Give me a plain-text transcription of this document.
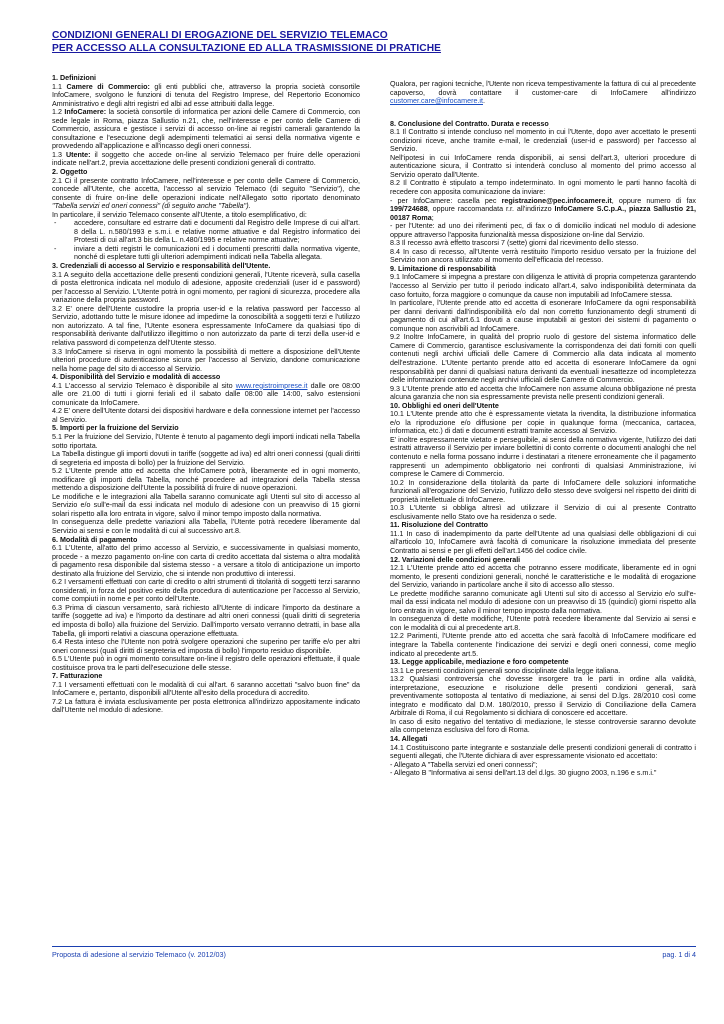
CONDIZIONI GENERALI DI EROGAZIONE DEL SERVIZIO TELEMACO
PER ACCESSO ALLA CONSULTAZIONE ED ALLA TRASMISSIONE DI PRATICHE

1. Definizioni

1.1 Camere di Commercio: gli enti pubblici che, attraverso la propria società consortile InfoCamere, svolgono le funzioni di tenuta del Registro Imprese, del Repertorio Economico Amministrativo e degli altri registri ed albi ad esse attribuiti dalla legge.

1.2 InfoCamere: la società consortile di informatica per azioni delle Camere di Commercio, con sede legale in Roma, piazza Sallustio n.21, che, nell'interesse e per conto delle Camere di Commercio, assicura e gestisce i servizi di accesso on-line ai registri camerali garantendo la consultazione e l'esecuzione degli adempimenti telematici ai sensi della normativa vigente e provvedendo all'applicazione e all'incasso degli oneri connessi.

1.3 Utente: il soggetto che accede on-line al servizio Telemaco per fruire delle operazioni indicate nell'art.2, previa accettazione delle presenti condizioni generali di contratto.

2. Oggetto

2.1 Ci il presente contratto InfoCamere, nell'interesse e per conto delle Camere di Commercio, concede all'Utente, che accetta, l'accesso al servizio Telemaco (di seguito "Servizio"), che consente di fruire on-line delle operazioni indicate nell'Allegato sotto riportato denominato "Tabella servizi ed oneri connessi" (di seguito anche "Tabella").

In particolare, il servizio Telemaco consente all'Utente, a titolo esemplificativo, di:

- accedere, consultare ed estrarre dati e documenti dal Registro delle Imprese di cui all'art. 8 della L. n.580/1993 e s.m.i. e relative norme attuative e dal Registro informatico dei Protesti di cui all'art.3 bis della L. n.480/1995 e relative norme attuative;
- inviare a detti registri le comunicazioni ed i documenti prescritti dalla normativa vigente, nonché di espletare tutti gli ulteriori adempimenti indicati nella Tabella allegata.

3. Credenziali di accesso al Servizio e responsabilità dell'Utente.

3.1 A seguito della accettazione delle presenti condizioni generali, l'Utente riceverà, sulla casella di posta elettronica indicata nel modulo di adesione, apposite credenziali (user id e password) per l'accesso al Servizio. L'Utente potrà in ogni momento, per ragioni di sicurezza, procedere alla variazione della propria password.

3.2 E' onere dell'Utente custodire la propria user-id e la relativa password per l'accesso al Servizio, adottando tutte le misure idonee ad impedirne la conoscibilità a soggetti terzi e l'utilizzo non autorizzato. A tal fine, l'Utente esonera espressamente InfoCamere da qualsiasi tipo di responsabilità derivante dall'utilizzo illegittimo o non autorizzato da parte di terzi della user-id e relativa password di competenza dell'Utente stesso.

3.3 InfoCamere si riserva in ogni momento la possibilità di mettere a disposizione dell'Utente ulteriori procedure di autenticazione sicura per l'accesso al Servizio, dandone comunicazione nella home page del sito di accesso al Servizio.

4. Disponibilità del Servizio e modalità di accesso

4.1 L'accesso al servizio Telemaco è disponibile al sito www.registroimprese.it dalle ore 08:00 alle ore 21.00 di tutti i giorni feriali ed il sabato dalle 08:00 alle 14:00, salvo estensioni comunicate da InfoCamere.

4.2 E' onere dell'Utente dotarsi dei dispositivi hardware e della connessione internet per l'accesso al Servizio.

5. Importi per la fruizione del Servizio

5.1 Per la fruizione del Servizio, l'Utente è tenuto al pagamento degli importi indicati nella Tabella sotto riportata.

La Tabella distingue gli importi dovuti in tariffe (soggette ad iva) ed altri oneri connessi (quali diritti di segreteria ed imposta di bollo) per la fruizione del Servizio.

5.2 L'Utente prende atto ed accetta che InfoCamere potrà, liberamente ed in ogni momento, modificare gli importi della Tabella, nonché procedere ad integrazioni della Tabella stessa mettendo a disposizione dell'Utente la possibilità di fruire di nuove operazioni.

Le modifiche e le integrazioni alla Tabella saranno comunicate agli Utenti sul sito di accesso al Servizio e/o sull'e-mail da essi indicata nel modulo di adesione con un preavviso di 15 giorni solari rispetto alla loro entrata in vigore, salvo il minor tempo imposto dalla normativa.

In conseguenza delle predette variazioni alla Tabella, l'Utente potrà recedere liberamente dal Servizio ai sensi e con le modalità di cui al successivo art.8.

6. Modalità di pagamento

6.1 L'Utente, all'atto del primo accesso al Servizio, e successivamente in qualsiasi momento, procede - a mezzo pagamento on-line con carta di credito accettata dal sistema o altra modalità di pagamento resa disponibile dal sistema stesso - a versare a titolo di anticipazione un importo destinato alla fruizione del Servizio, che si intende non produttivo di interessi.

6.2 I versamenti effettuati con carte di credito o altri strumenti di titolarità di soggetti terzi saranno considerati, in forza del positivo esito della procedura di autenticazione per l'accesso al Servizio, come compiuti in nome e per conto dell'Utente.

6.3 Prima di ciascun versamento, sarà richiesto all'Utente di indicare l'importo da destinare a tariffe (soggette ad iva) e l'importo da destinare ad altri oneri connessi (quali diritti di segreteria ed imposta di bollo) alla fruizione del Servizio. Dall'importo versato verranno detratti, in base alla Tabella, gli importi relativi a ciascuna operazione effettuata.

6.4 Resta inteso che l'Utente non potrà svolgere operazioni che superino per tariffe e/o per altri oneri connessi (quali diritti di segreteria ed imposta di bollo) l'importo residuo disponibile.

6.5 L'Utente può in ogni momento consultare on-line il registro delle operazioni effettuate, il quale costituisce prova tra le parti dell'esecuzione delle stesse.

7. Fatturazione

7.1 I versamenti effettuati con le modalità di cui all'art. 6 saranno accettati "salvo buon fine" da InfoCamere e, pertanto, disponibili all'Utente all'esito della procedura di accredito.

7.2 La fattura è inviata esclusivamente per posta elettronica all'indirizzo appositamente indicato dall'Utente nel modulo di adesione.

Qualora, per ragioni tecniche, l'Utente non riceva tempestivamente la fattura di cui al precedente capoverso, dovrà contattare il customer-care di InfoCamere all'indirizzo customer.care@infocamere.it.

8. Conclusione del Contratto. Durata e recesso

8.1 Il Contratto si intende concluso nel momento in cui l'Utente, dopo aver accettato le presenti condizioni riceve, anche tramite e-mail, le credenziali (user-id e password) per l'accesso al Servizio.

Nell'ipotesi in cui InfoCamere renda disponibili, ai sensi dell'art.3, ulteriori procedure di autenticazione sicura, il Contratto si intenderà concluso al momento del primo accesso al Servizio operato dall'Utente.

8.2 Il Contratto è stipulato a tempo indeterminato. In ogni momento le parti hanno facoltà di recedere con apposita comunicazione da inviare:

- per InfoCamere: casella pec registrazione@pec.infocamere.it, oppure numero di fax 199/724688, oppure raccomandata r.r. all'indirizzo InfoCamere S.C.p.A., piazza Sallustio 21, 00187 Roma;

- per l'Utente: ad uno dei riferimenti pec, di fax o di domicilio indicati nel modulo di adesione oppure attraverso l'apposita funzionalità messa disposizione on-line dal Servizio.

8.3 Il recesso avrà effetto trascorsi 7 (sette) giorni dal ricevimento dello stesso.

8.4 In caso di recesso, all'Utente verrà restituito l'importo residuo versato per la fruizione del Servizio non ancora utilizzato al momento dell'efficacia del recesso.

9. Limitazione di responsabilità

9.1 InfoCamere si impegna a prestare con diligenza le attività di propria competenza garantendo l'accesso al Servizio per tutto il periodo indicato all'art.4, salvo indisponibilità determinata da caso fortuito, forza maggiore o comunque da cause non imputabili ad InfoCamere stessa.

In particolare, l'Utente prende atto ed accetta di esonerare InfoCamere da ogni responsabilità per danni derivanti dall'indisponibilità e/o dal non corretto funzionamento degli strumenti di pagamento di cui all'art.6.1 dovuti a cause imputabili ai gestori dei sistemi di pagamento o comunque non ascrivibili ad InfoCamere.

9.2 Inoltre InfoCamere, in qualità del proprio ruolo di gestore del sistema informatico delle Camere di Commercio, garantisce esclusivamente la corrispondenza dei dati forniti con quelli contenuti negli archivi ufficiali delle Camere di Commercio alla data indicata al momento dell'estrazione. L'Utente pertanto prende atto ed accetta di esonerare InfoCamere da ogni responsabilità per danni di qualsiasi natura derivanti da eventuali inesattezze od incompletezza delle informazioni contenute negli archivi ufficiali delle Camere di Commercio.

9.3 L'Utente prende atto ed accetta che InfoCamere non assume alcuna obbligazione né presta alcuna garanzia che non sia espressamente prevista nelle presenti condizioni generali.

10. Obblighi ed oneri dell'Utente

10.1 L'Utente prende atto che è espressamente vietata la rivendita, la distribuzione informatica e/o la riproduzione e/o diffusione per copie in qualunque forma (meccanica, cartacea, informatica, etc.) di dati e documenti estratti tramite accesso al Servizio.

E' inoltre espressamente vietato e perseguibile, ai sensi della normativa vigente, l'utilizzo dei dati estratti attraverso il Servizio per inviare bollettini di conto corrente o documenti analoghi che nel contenuto e nella forma possano indurre i destinatari a ritenere erroneamente che il pagamento rappresenti un adempimento obbligatorio nei confronti di qualsiasi Amministrazione, ivi comprese le Camere di Commercio.

10.2 In considerazione della titolarità da parte di InfoCamere delle soluzioni informatiche funzionali all'erogazione del Servizio, l'utilizzo dello stesso deve svolgersi nel rispetto dei diritti di proprietà intellettuale di InfoCamere.

10.3 L'Utente si obbliga altresì ad utilizzare il Servizio di cui al presente Contratto esclusivamente nello Stato ove ha residenza o sede.

11. Risoluzione del Contratto

11.1 In caso di inadempimento da parte dell'Utente ad una qualsiasi delle obbligazioni di cui all'articolo 10, InfoCamere avrà facoltà di comunicare la risoluzione immediata del presente Contratto ai sensi e per gli effetti dell'art.1456 del codice civile.

12. Variazioni delle condizioni generali

12.1 L'Utente prende atto ed accetta che potranno essere modificate, liberamente ed in ogni momento, le presenti condizioni generali, nonché le caratteristiche e le modalità di erogazione del Servizio, variando in particolare anche il sito di accesso allo stesso.

Le predette modifiche saranno comunicate agli Utenti sul sito di accesso al Servizio e/o sull'e-mail da essi indicata nel modulo di adesione con un preavviso di 15 (quindici) giorni rispetto alla loro entrata in vigore, salvo il minor tempo imposto dalla normativa.

In conseguenza di dette modifiche, l'Utente potrà recedere liberamente dal Servizio ai sensi e con le modalità di cui al precedente art.8.

12.2 Parimenti, l'Utente prende atto ed accetta che sarà facoltà di InfoCamere modificare ed integrare la Tabella contenente l'indicazione dei servizi e degli oneri connessi, come meglio indicato al precedente art.5.

13. Legge applicabile, mediazione e foro competente

13.1 Le presenti condizioni generali sono disciplinate dalla legge italiana.

13.2 Qualsiasi controversia che dovesse insorgere tra le parti in ordine alla validità, interpretazione, esecuzione e risoluzione delle presenti condizioni generali, sarà preventivamente sottoposta al tentativo di mediazione, ai sensi del D.lgs. 28/2010 così come integrato e modificato dal D.M. 180/2010, presso il Servizio di Conciliazione della Camera Arbitrale di Roma, il cui Regolamento si dichiara di conoscere ed accettare.

In caso di esito negativo del tentativo di mediazione, le stesse controversie saranno devolute alla competenza esclusiva del foro di Roma.

14. Allegati

14.1 Costituiscono parte integrante e sostanziale delle presenti condizioni generali di contratto i seguenti allegati, che l'Utente dichiara di aver espressamente visionato ed accettato:

- Allegato A "Tabella servizi ed oneri connessi";

- Allegato B "Informativa ai sensi dell'art.13 del d.lgs. 30 giugno 2003, n.196 e s.m.i."

Proposta di adesione al servizio Telemaco (v. 2012/03)	pag. 1 di 4
